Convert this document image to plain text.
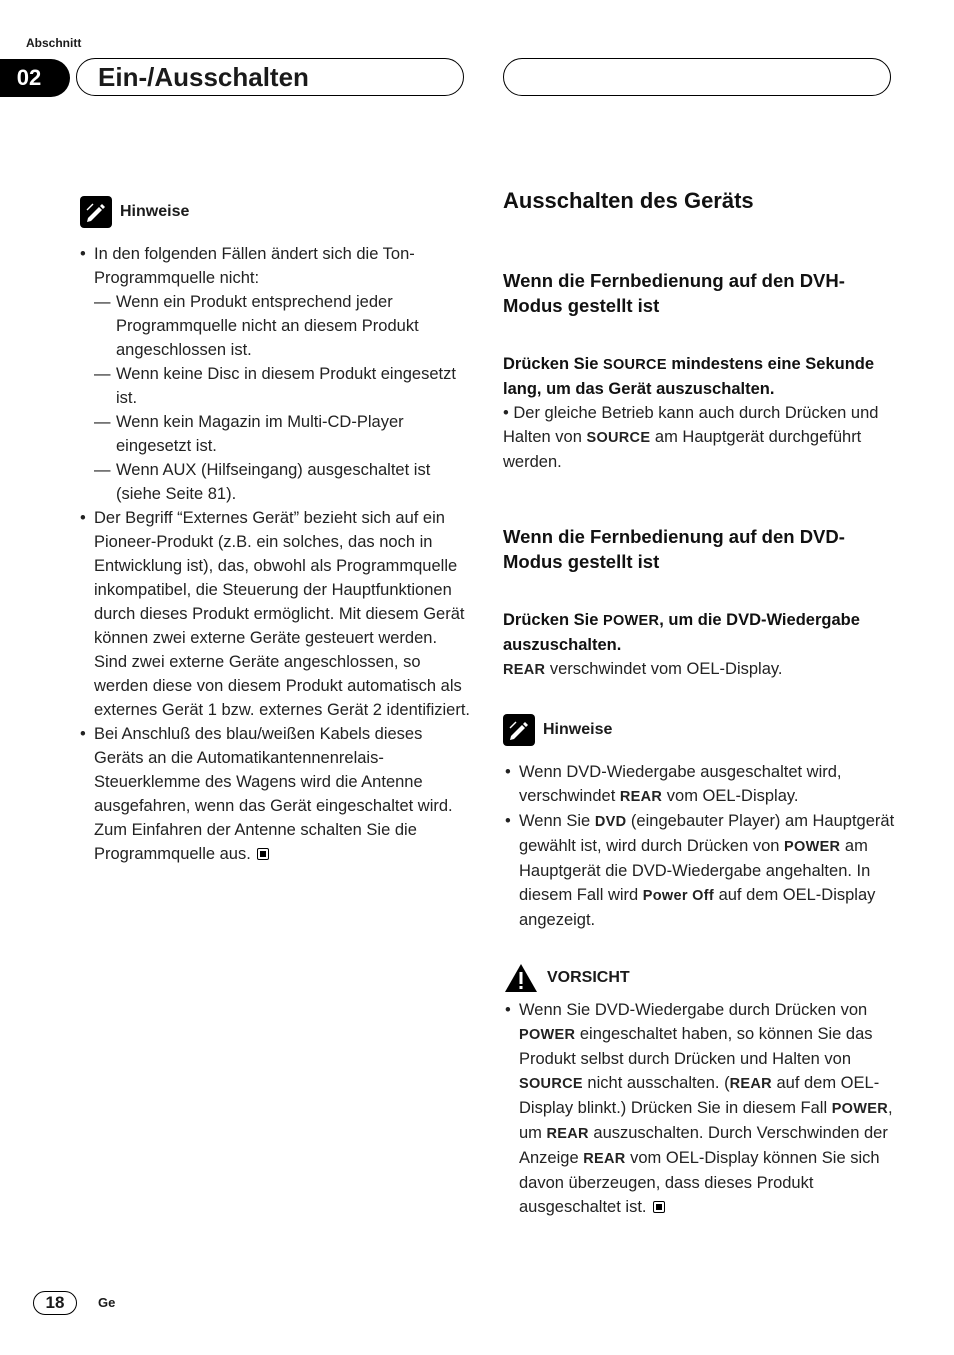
Abschnitt
02 Ein-/Ausschalten
Hinweise
• In den folgenden Fällen ändert sich die Ton-Programmquelle nicht:
— Wenn ein Produkt entsprechend jeder Programmquelle nicht an diesem Produkt angeschlossen ist.
— Wenn keine Disc in diesem Produkt eingesetzt ist.
— Wenn kein Magazin im Multi-CD-Player eingesetzt ist.
— Wenn AUX (Hilfseingang) ausgeschaltet ist (siehe Seite 81).
• Der Begriff “Externes Gerät” bezieht sich auf ein Pioneer-Produkt (z.B. ein solches, das noch in Entwicklung ist), das, obwohl als Programmquelle inkompatibel, die Steuerung der Hauptfunktionen durch dieses Produkt ermöglicht. Mit diesem Gerät können zwei externe Geräte gesteuert werden. Sind zwei externe Geräte angeschlossen, so werden diese von diesem Produkt automatisch als externes Gerät 1 bzw. externes Gerät 2 identifiziert.
• Bei Anschluß des blau/weißen Kabels dieses Geräts an die Automatikantennenrelais-Steuerklemme des Wagens wird die Antenne ausgefahren, wenn das Gerät eingeschaltet wird. Zum Einfahren der Antenne schalten Sie die Programmquelle aus.
Ausschalten des Geräts
Wenn die Fernbedienung auf den DVH-Modus gestellt ist
Drücken Sie SOURCE mindestens eine Sekunde lang, um das Gerät auszuschalten.
• Der gleiche Betrieb kann auch durch Drücken und Halten von SOURCE am Hauptgerät durchgeführt werden.
Wenn die Fernbedienung auf den DVD-Modus gestellt ist
Drücken Sie POWER, um die DVD-Wiedergabe auszuschalten.
REAR verschwindet vom OEL-Display.
Hinweise
• Wenn DVD-Wiedergabe ausgeschaltet wird, verschwindet REAR vom OEL-Display.
• Wenn Sie DVD (eingebauter Player) am Hauptgerät gewählt ist, wird durch Drücken von POWER am Hauptgerät die DVD-Wiedergabe angehalten. In diesem Fall wird Power Off auf dem OEL-Display angezeigt.
VORSICHT
• Wenn Sie DVD-Wiedergabe durch Drücken von POWER eingeschaltet haben, so können Sie das Produkt selbst durch Drücken und Halten von SOURCE nicht ausschalten. (REAR auf dem OEL-Display blinkt.) Drücken Sie in diesem Fall POWER, um REAR auszuschalten. Durch Verschwinden der Anzeige REAR vom OEL-Display können Sie sich davon überzeugen, dass dieses Produkt ausgeschaltet ist.
18	Ge
